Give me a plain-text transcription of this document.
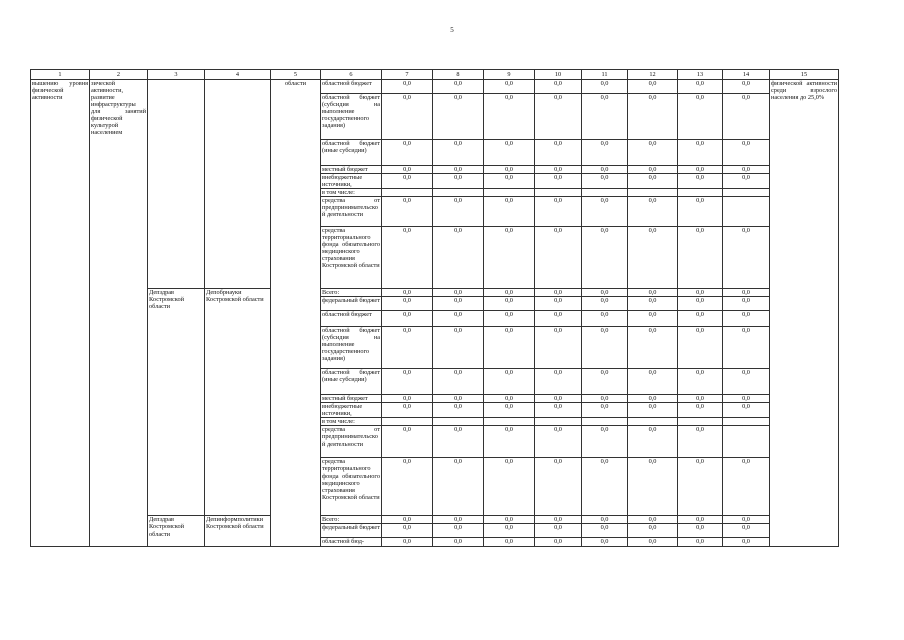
5
1	2	3	4	5	6	7	8	9	10	11	12	13	14	15
вышению уровня физической активности	зической активности, развитие инфраструктуры для занятий физической культурой населением			области	областной бюджет	0,0	0,0	0,0	0,0	0,0	0,0	0,0	0,0	физической активности среди взрослого населения до 25,0%
					областной бюджет (субсидия на выполнение государственного задания)	0,0	0,0	0,0	0,0	0,0	0,0	0,0	0,0	
					областной бюджет (иные субсидии)	0,0	0,0	0,0	0,0	0,0	0,0	0,0	0,0	
					местный бюджет	0,0	0,0	0,0	0,0	0,0	0,0	0,0	0,0	
					внебюджетные источники,	0,0	0,0	0,0	0,0	0,0	0,0	0,0	0,0	
					в том числе:									
					средства от предпринимательской деятельности	0,0	0,0	0,0	0,0	0,0	0,0	0,0		
					средства территориального фонда обязательного медицинского страхования Костромской области	0,0	0,0	0,0	0,0	0,0	0,0	0,0	0,0	
		Депздрав Костромской области	Депобрнауки Костромской области		Всего:	0,0	0,0	0,0	0,0	0,0	0,0	0,0	0,0	
					федеральный бюджет	0,0	0,0	0,0	0,0	0,0	0,0	0,0	0,0	
					областной бюджет	0,0	0,0	0,0	0,0	0,0	0,0	0,0	0,0	
					областной бюджет (субсидия на выполнение государственного задания)	0,0	0,0	0,0	0,0	0,0	0,0	0,0	0,0	
					областной бюджет (иные субсидии)	0,0	0,0	0,0	0,0	0,0	0,0	0,0	0,0	
					местный бюджет	0,0	0,0	0,0	0,0	0,0	0,0	0,0	0,0	
					внебюджетные источники,	0,0	0,0	0,0	0,0	0,0	0,0	0,0	0,0	
					в том числе:									
					средства от предпринимательской деятельности	0,0	0,0	0,0	0,0	0,0	0,0	0,0		
					средства территориального фонда обязательного медицинского страхования Костромской области	0,0	0,0	0,0	0,0	0,0	0,0	0,0	0,0	
		Депздрав Костромской области	Депинформполитики Костромской области		Всего:	0,0	0,0	0,0	0,0	0,0	0,0	0,0	0,0	
					федеральный бюджет	0,0	0,0	0,0	0,0	0,0	0,0	0,0	0,0	
					областной бюд-	0,0	0,0	0,0	0,0	0,0	0,0	0,0	0,0	
